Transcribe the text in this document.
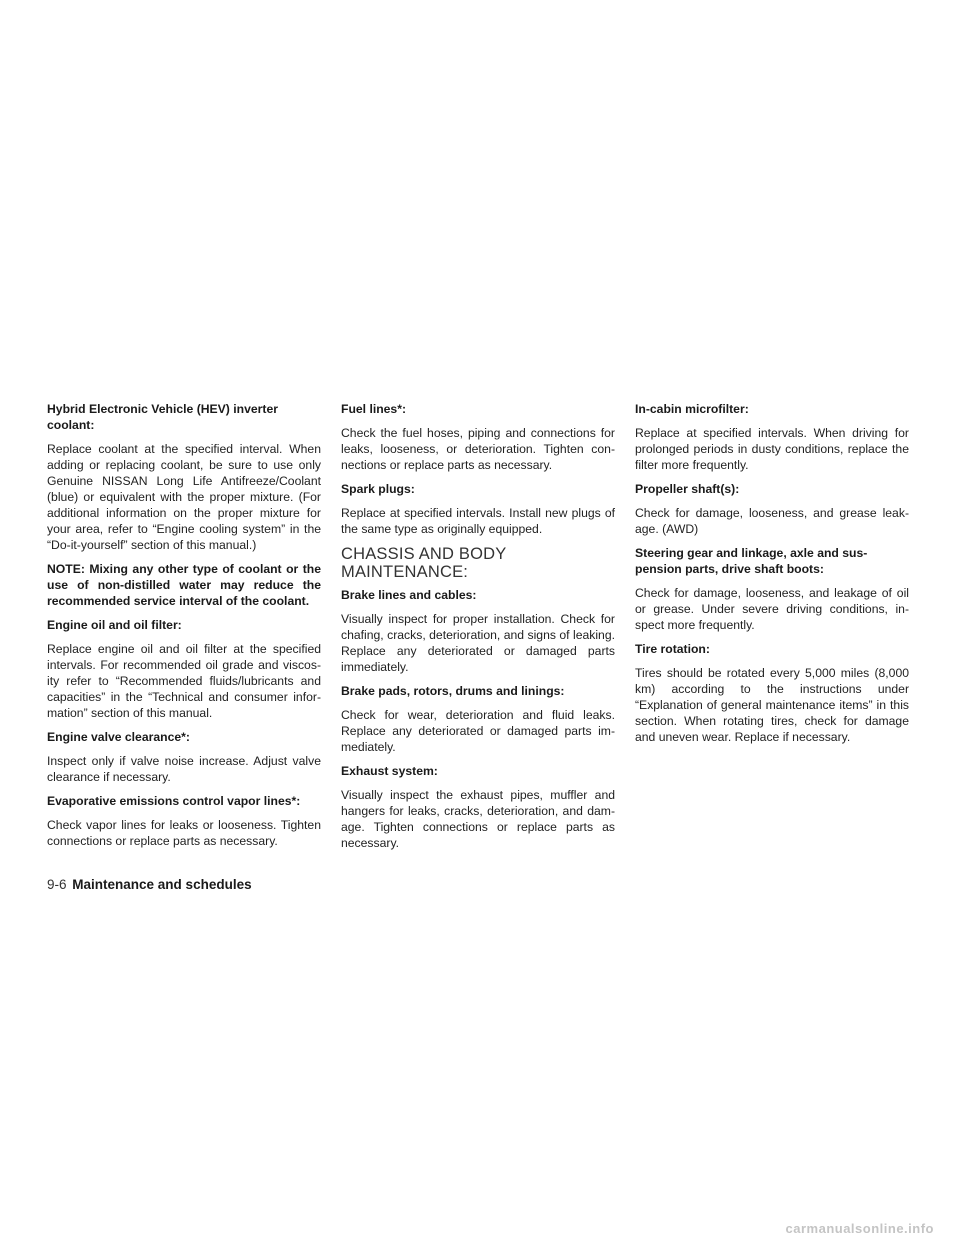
Hybrid Electronic Vehicle (HEV) inverter coolant:

Replace coolant at the specified interval. When adding or replacing coolant, be sure to use only Genuine NISSAN Long Life Antifreeze/Coolant (blue) or equivalent with the proper mixture. (For additional information on the proper mixture for your area, refer to “Engine cooling system” in the “Do-it-yourself” section of this manual.)

NOTE: Mixing any other type of coolant or the use of non-distilled water may reduce the recommended service interval of the coolant.

Engine oil and oil filter:

Replace engine oil and oil filter at the specified intervals. For recommended oil grade and viscosity refer to “Recommended fluids/lubricants and capacities” in the “Technical and consumer information” section of this manual.

Engine valve clearance*:

Inspect only if valve noise increase. Adjust valve clearance if necessary.

Evaporative emissions control vapor lines*:

Check vapor lines for leaks or looseness. Tighten connections or replace parts as necessary.

Fuel lines*:

Check the fuel hoses, piping and connections for leaks, looseness, or deterioration. Tighten connections or replace parts as necessary.

Spark plugs:

Replace at specified intervals. Install new plugs of the same type as originally equipped.

CHASSIS AND BODY MAINTENANCE:

Brake lines and cables:

Visually inspect for proper installation. Check for chafing, cracks, deterioration, and signs of leaking. Replace any deteriorated or damaged parts immediately.

Brake pads, rotors, drums and linings:

Check for wear, deterioration and fluid leaks. Replace any deteriorated or damaged parts immediately.

Exhaust system:

Visually inspect the exhaust pipes, muffler and hangers for leaks, cracks, deterioration, and damage. Tighten connections or replace parts as necessary.

In-cabin microfilter:

Replace at specified intervals. When driving for prolonged periods in dusty conditions, replace the filter more frequently.

Propeller shaft(s):

Check for damage, looseness, and grease leakage. (AWD)

Steering gear and linkage, axle and suspension parts, drive shaft boots:

Check for damage, looseness, and leakage of oil or grease. Under severe driving conditions, inspect more frequently.

Tire rotation:

Tires should be rotated every 5,000 miles (8,000 km) according to the instructions under “Explanation of general maintenance items” in this section. When rotating tires, check for damage and uneven wear. Replace if necessary.

9-6 Maintenance and schedules
carmanualsonline.info
